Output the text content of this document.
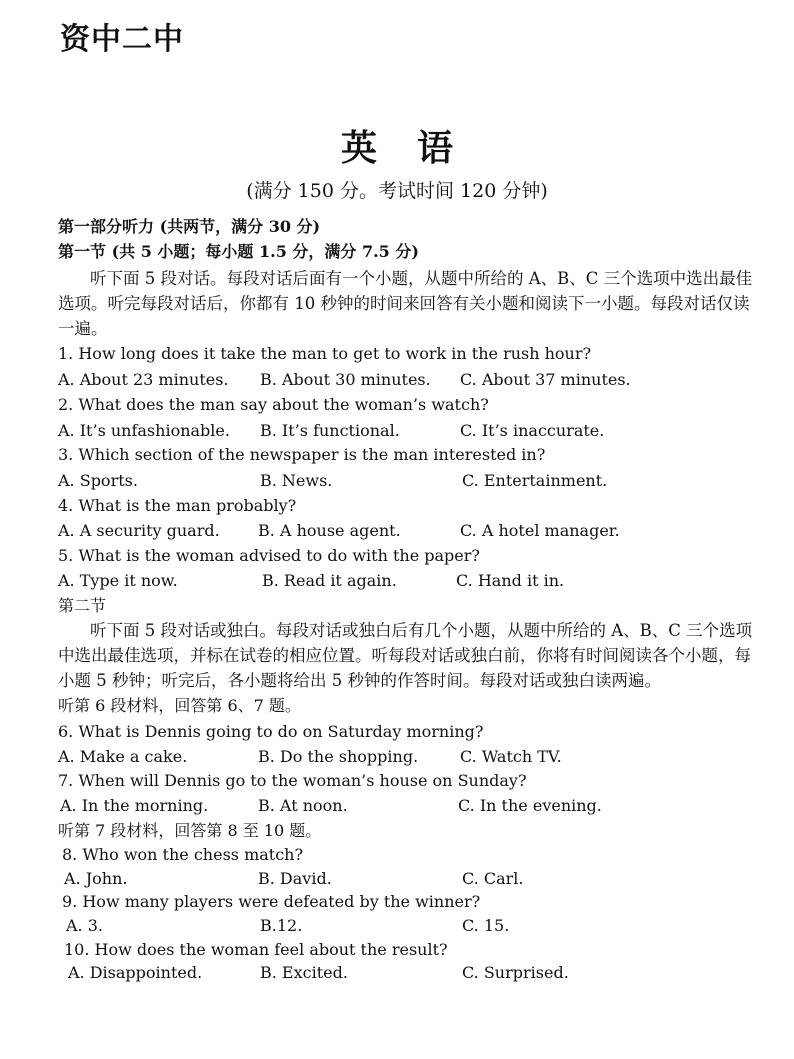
资中二中
英语
(满分 150 分。考试时间 120 分钟)
第一部分听力 (共两节，满分 30 分)
第一节 (共 5 小题；每小题 1.5 分，满分 7.5 分)
听下面 5 段对话。每段对话后面有一个小题，从题中所给的 A、B、C 三个选项中选出最佳选项。听完每段对话后，你都有 10 秒钟的时间来回答有关小题和阅读下一小题。每段对话仅读一遍。
1. How long does it take the man to get to work in the rush hour?
A. About 23 minutes. B. About 30 minutes. C. About 37 minutes.
2. What does the man say about the woman’s watch?
A. It’s unfashionable. B. It’s functional.	C. It’s inaccurate.
3. Which section of the newspaper is the man interested in?
A. Sports.	B. News.	C. Entertainment.
4. What is the man probably?
A. A security guard. B. A house agent.	C. A hotel manager.
5. What is the woman advised to do with the paper?
A. Type it now.	B. Read it again.	C. Hand it in.
第二节
听下面 5 段对话或独白。每段对话或独白后有几个小题，从题中所给的 A、B、C 三个选项中选出最佳选项，并标在试卷的相应位置。听每段对话或独白前，你将有时间阅读各个小题，每小题 5 秒钟；听完后，各小题将给出 5 秒钟的作答时间。每段对话或独白读两遍。
听第 6 段材料，回答第 6、7 题。
6. What is Dennis going to do on Saturday morning?
A. Make a cake.	B. Do the shopping.	C. Watch TV.
7. When will Dennis go to the woman’s house on Sunday?
A. In the morning.	B. At noon.	C. In the evening.
听第 7 段材料，回答第 8 至 10 题。
8. Who won the chess match?
A. John.	B. David.	C. Carl.
9. How many players were defeated by the winner?
A. 3.	B.12.	C. 15.
10. How does the woman feel about the result?
A. Disappointed.	B. Excited.	C. Surprised.
